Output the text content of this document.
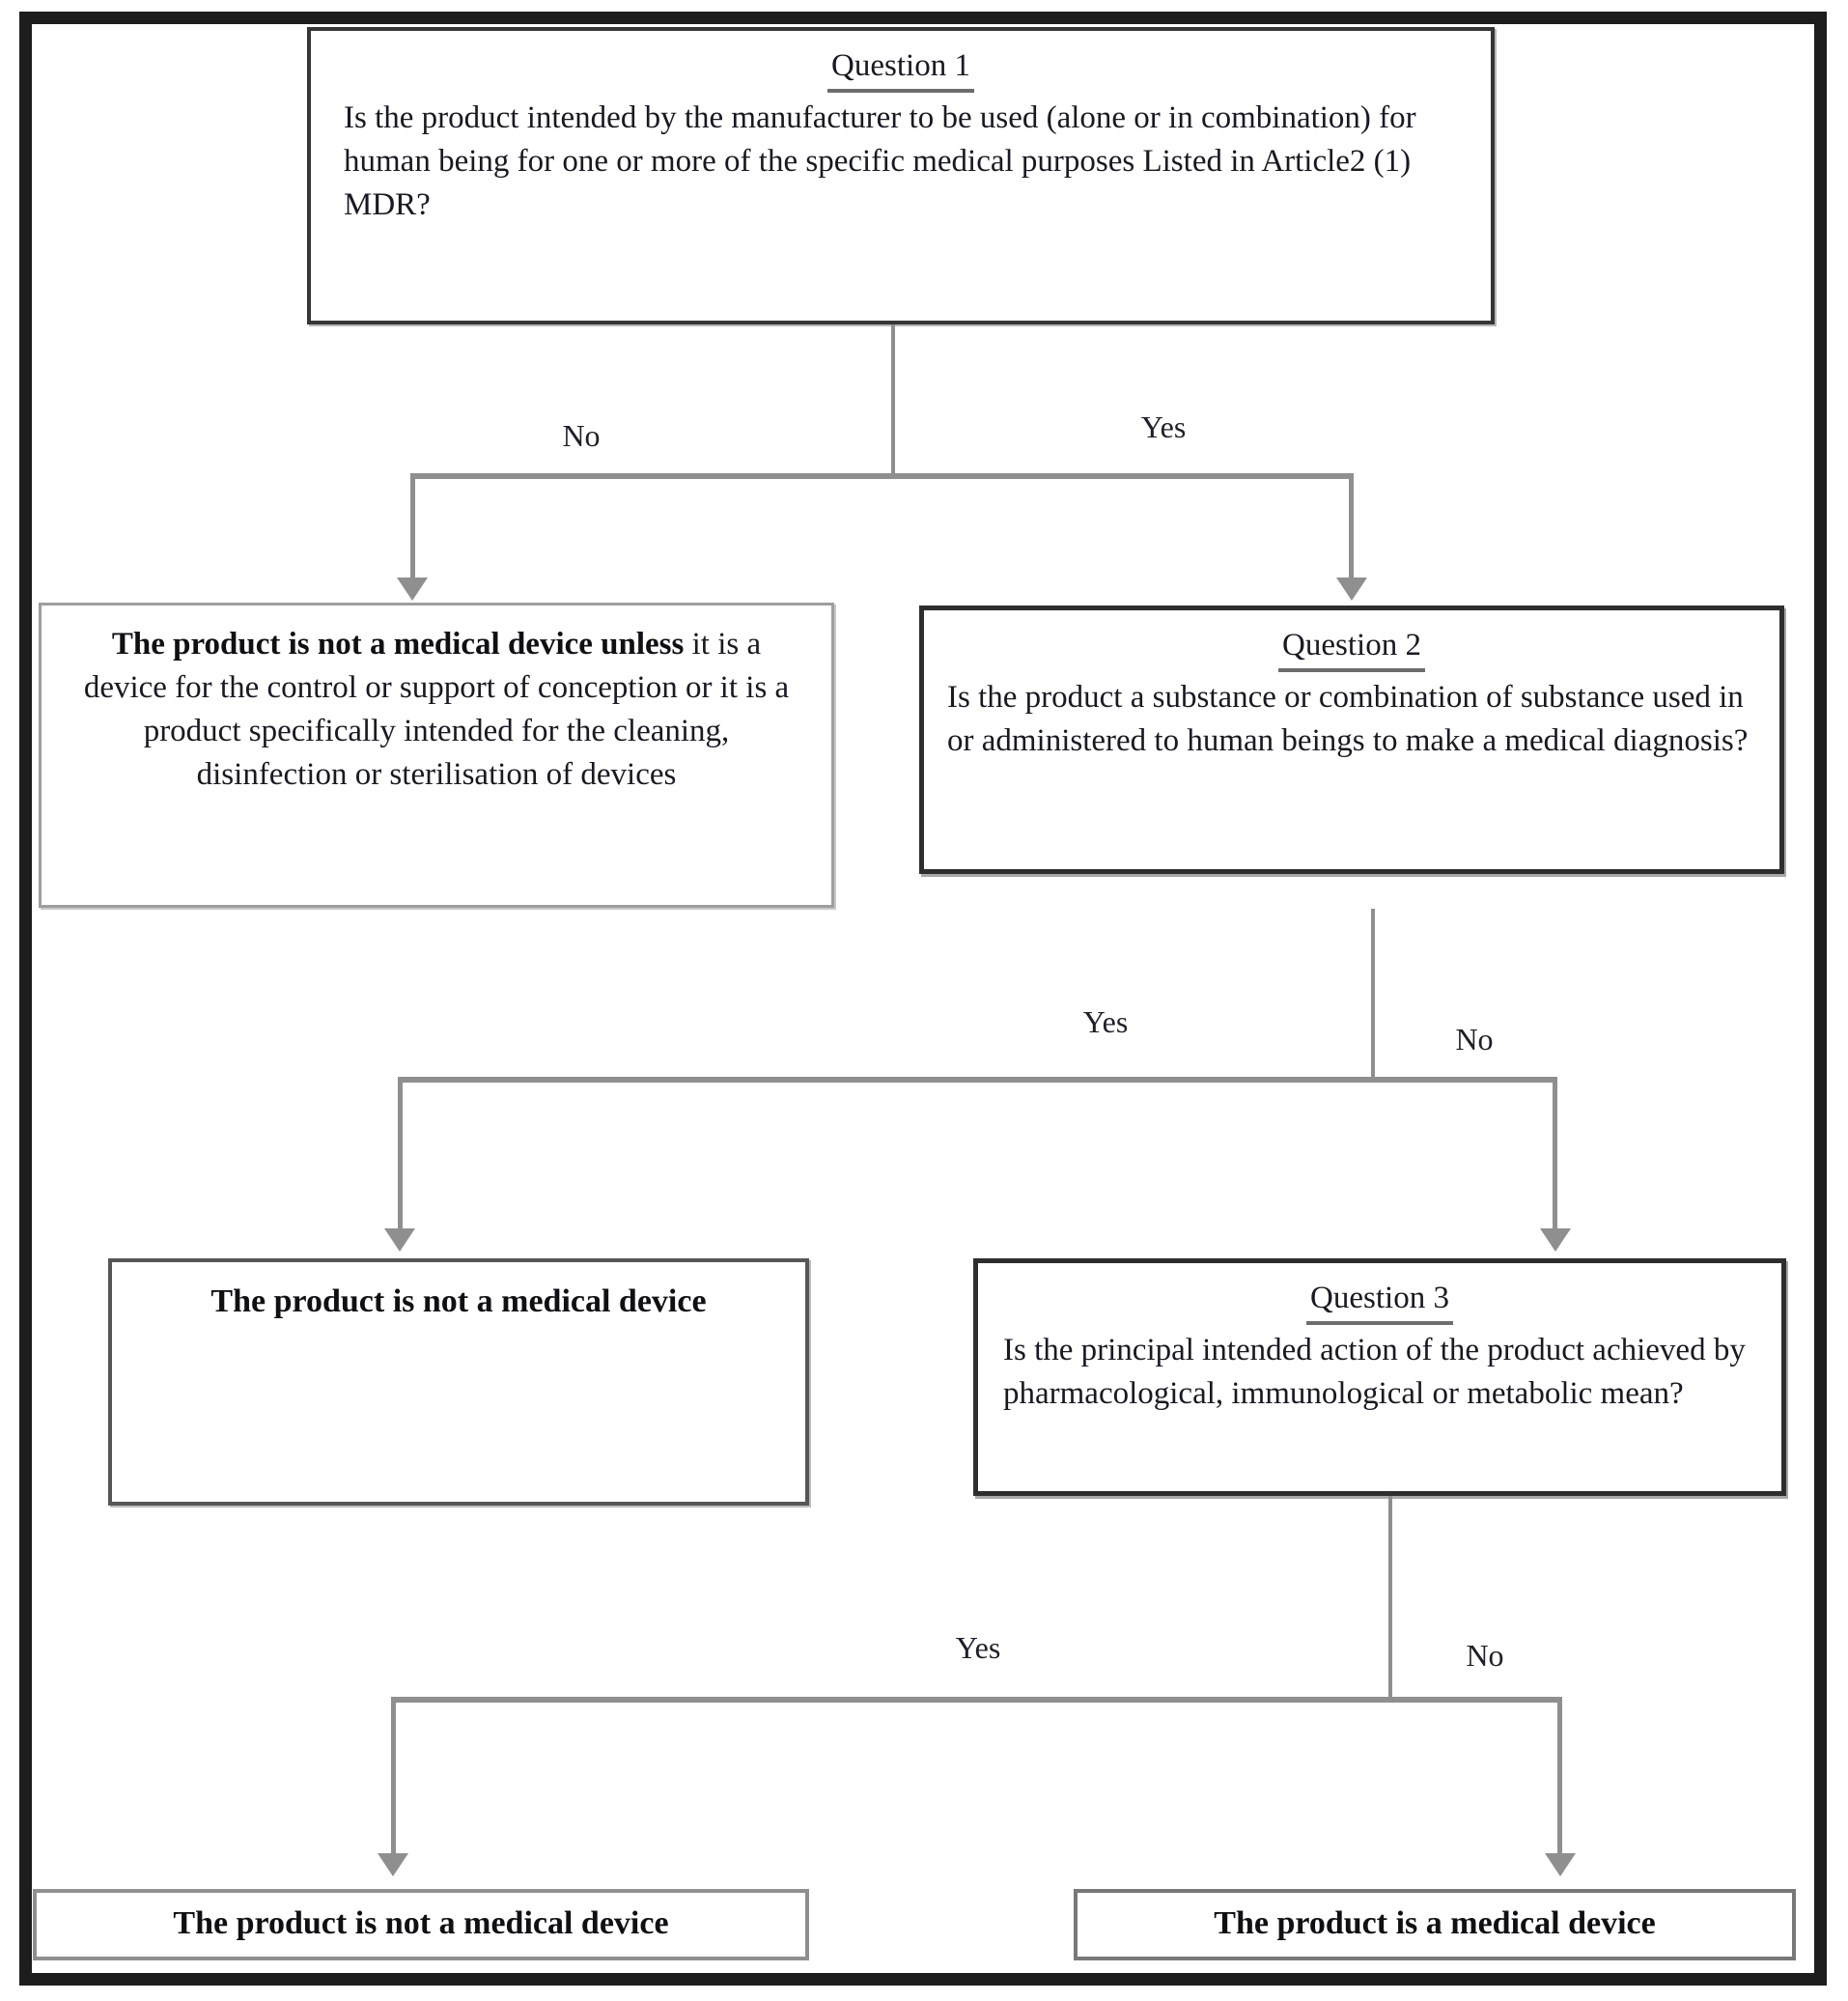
Question 1
Is the product intended by the manufacturer to be used (alone or in combination) for human being for one or more of the specific medical purposes Listed in Article2 (1) MDR?
No	Yes
The product is not a medical device unless it is a device for the control or support of conception or it is a product specifically intended for the cleaning, disinfection or sterilisation of devices
Question 2
Is the product a substance or combination of substance used in or administered to human beings to make a medical diagnosis?
Yes	No
The product is not a medical device	Question 3
Is the principal intended action of the product achieved by pharmacological, immunological or metabolic mean?
Yes	No
The product is not a medical device	The product is a medical device
